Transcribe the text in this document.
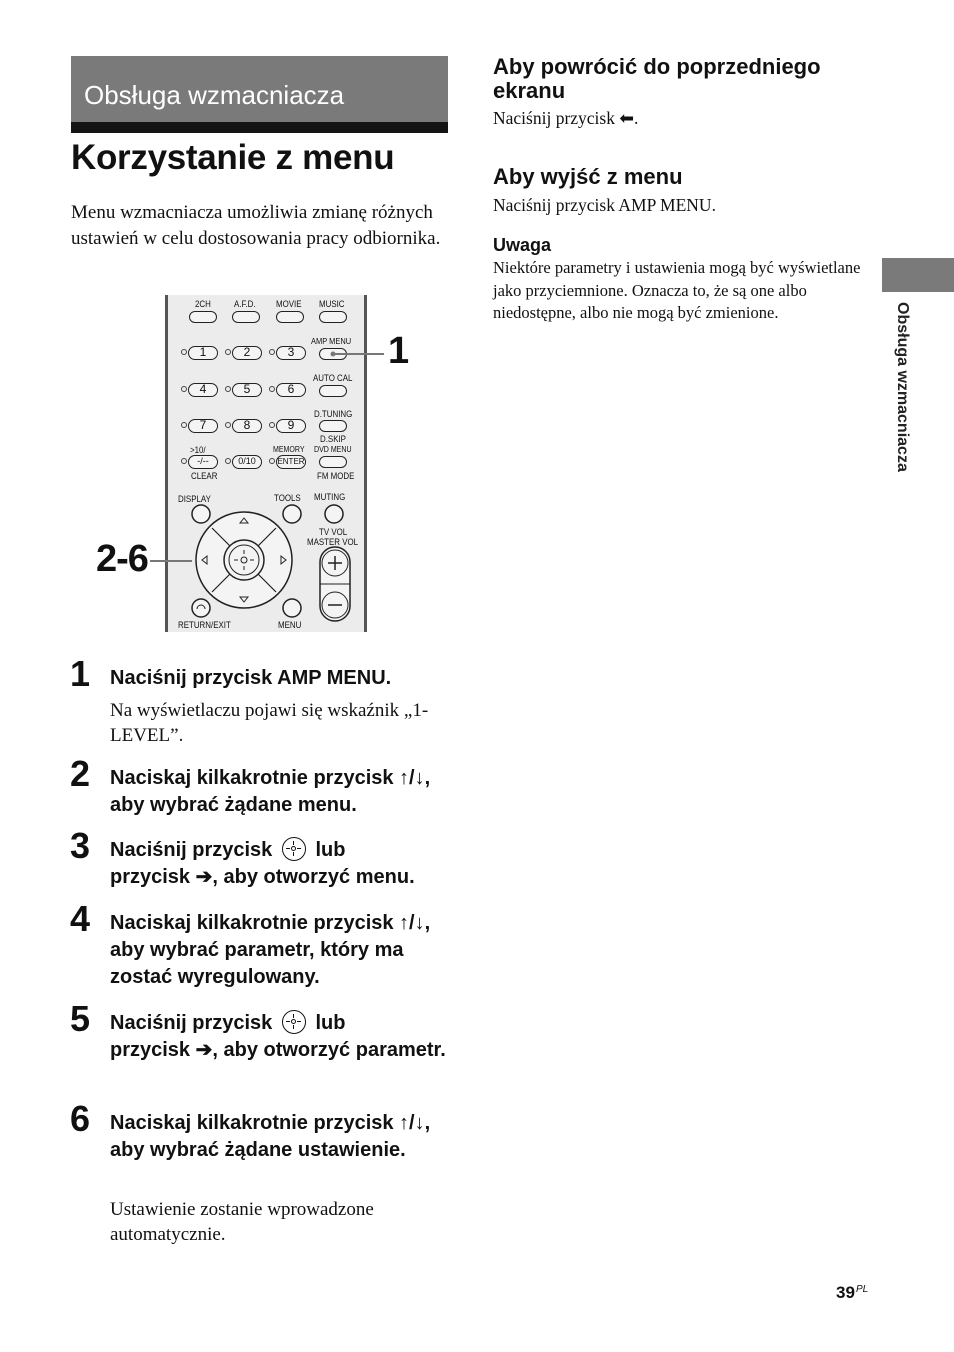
Obsługa wzmacniacza
Korzystanie z menu
Menu wzmacniacza umożliwia zmianę różnych ustawień w celu dostosowania pracy odbiornika.
2CH	A.F.D. MOVIE MUSIC
1	2	3
AMP MENU
4	5	6
AUTO CAL
7	8	9
D.TUNING
D.SKIP
>10/
-/--
CLEAR
0/10
MEMORY
ENTER
DVD MENU
FM MODE
DISPLAY	TOOLS MUTING
TV VOL
MASTER VOL
RETURN/EXIT	MENU
1
2-6
1 Naciśnij przycisk AMP MENU.
Na wyświetlaczu pojawi się wskaźnik „1-LEVEL”.
2 Naciskaj kilkakrotnie przycisk ↑/↓, aby wybrać żądane menu.
3 Naciśnij przycisk lub
przycisk ➔, aby otworzyć menu.
4 Naciskaj kilkakrotnie przycisk ↑/↓, aby wybrać parametr, który ma zostać wyregulowany.
5 Naciśnij przycisk lub
przycisk ➔, aby otworzyć parametr.
6 Naciskaj kilkakrotnie przycisk ↑/↓, aby wybrać żądane ustawienie.
Ustawienie zostanie wprowadzone automatycznie.
Aby powrócić do poprzedniego ekranu
Naciśnij przycisk ⬅.
Aby wyjść z menu
Naciśnij przycisk AMP MENU.
Uwaga
Niektóre parametry i ustawienia mogą być wyświetlane jako przyciemnione. Oznacza to, że są one albo niedostępne, albo nie mogą być zmienione.	Obsługa wzmacniacza
39 PL
